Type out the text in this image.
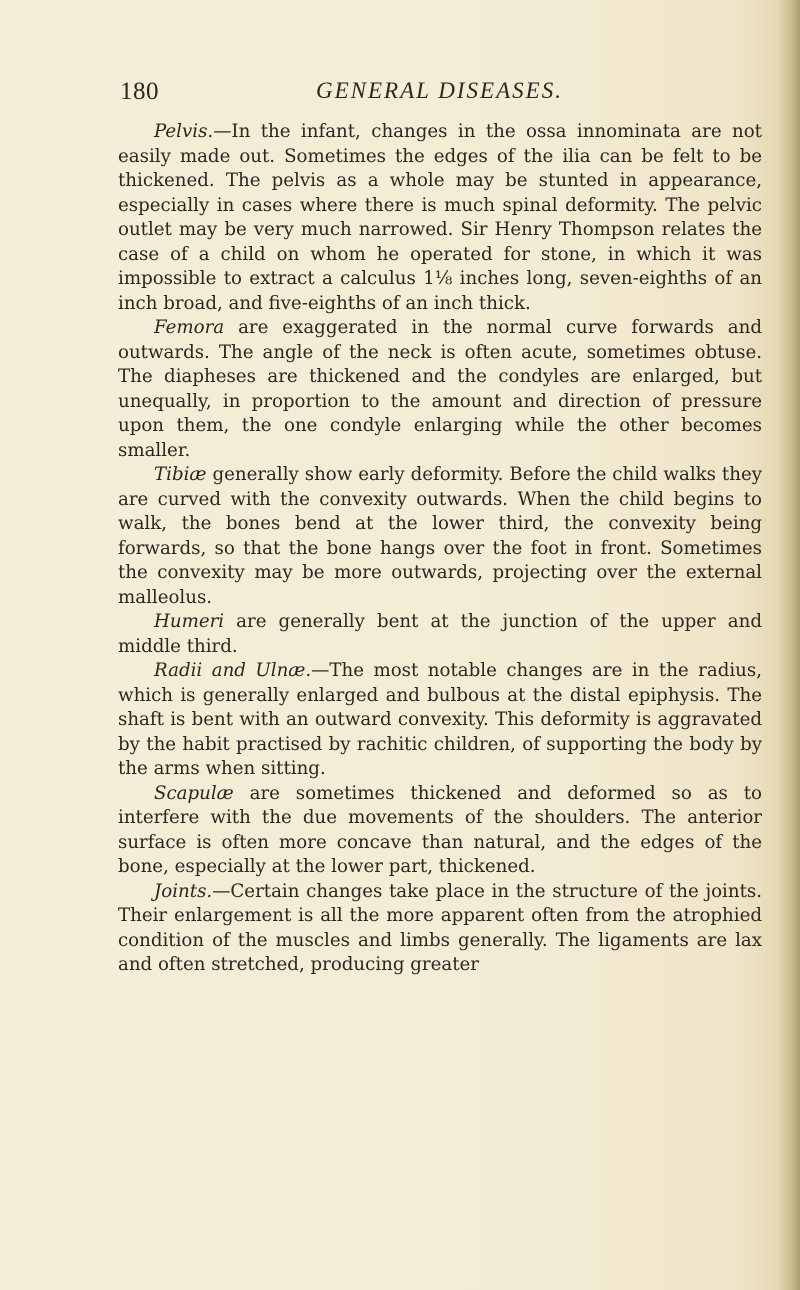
180	GENERAL DISEASES.

Pelvis.—In the infant, changes in the ossa innominata are not easily made out. Sometimes the edges of the ilia can be felt to be thickened. The pelvis as a whole may be stunted in appearance, especially in cases where there is much spinal deformity. The pelvic outlet may be very much narrowed. Sir Henry Thompson relates the case of a child on whom he operated for stone, in which it was impossible to extract a calculus 1⅛ inches long, seven-eighths of an inch broad, and five-eighths of an inch thick.

Femora are exaggerated in the normal curve forwards and outwards. The angle of the neck is often acute, sometimes obtuse. The diapheses are thickened and the condyles are enlarged, but unequally, in proportion to the amount and direction of pressure upon them, the one condyle enlarging while the other becomes smaller.

Tibiæ generally show early deformity. Before the child walks they are curved with the convexity outwards. When the child begins to walk, the bones bend at the lower third, the convexity being forwards, so that the bone hangs over the foot in front. Sometimes the convexity may be more outwards, projecting over the external malleolus.

Humeri are generally bent at the junction of the upper and middle third.

Radii and Ulnæ.—The most notable changes are in the radius, which is generally enlarged and bulbous at the distal epiphysis. The shaft is bent with an outward convexity. This deformity is aggravated by the habit practised by rachitic children, of supporting the body by the arms when sitting.

Scapulæ are sometimes thickened and deformed so as to interfere with the due movements of the shoulders. The anterior surface is often more concave than natural, and the edges of the bone, especially at the lower part, thickened.

Joints.—Certain changes take place in the structure of the joints. Their enlargement is all the more apparent often from the atrophied condition of the muscles and limbs generally. The ligaments are lax and often stretched, producing greater
